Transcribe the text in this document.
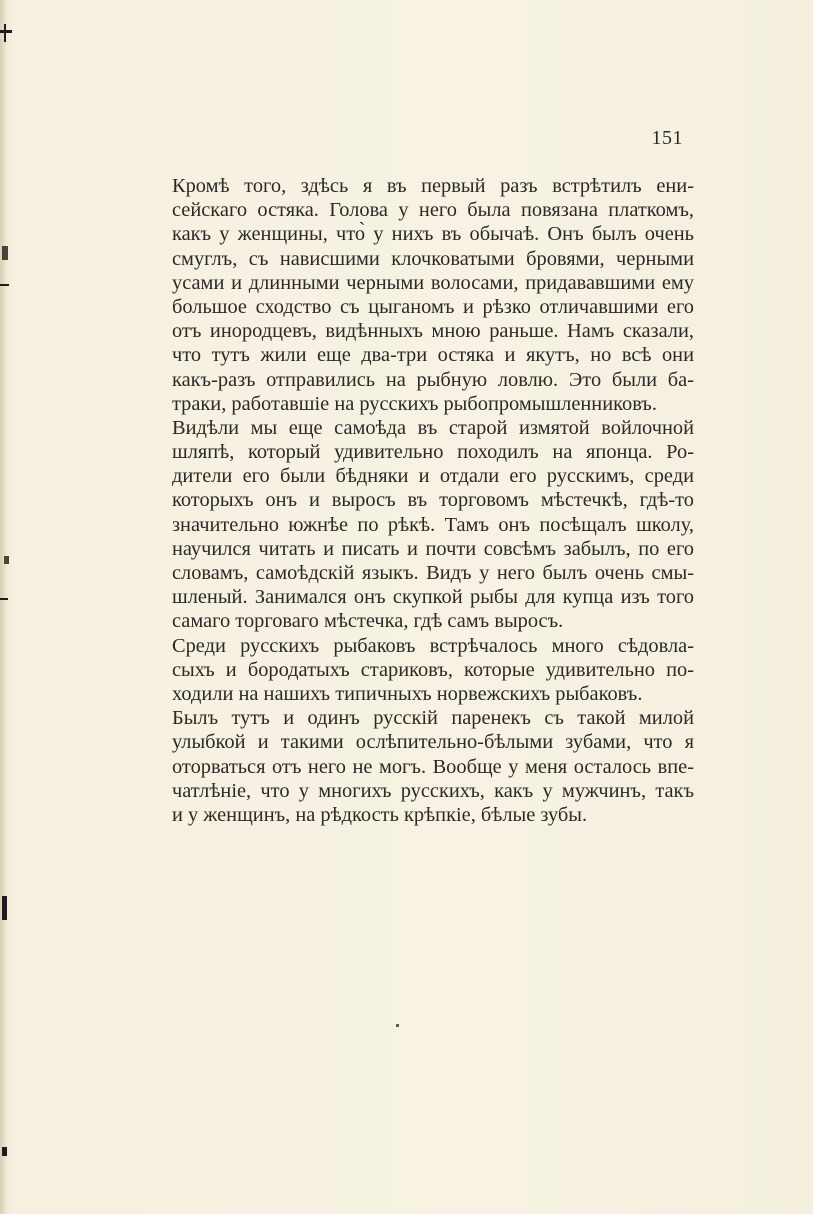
151
Кромѣ того, здѣсь я въ первый разъ встрѣтилъ ени-
сейскаго остяка. Голова у него была повязана платкомъ,
какъ у женщины, что̀ у нихъ въ обычаѣ. Онъ былъ очень
смуглъ, съ нависшими клочковатыми бровями, черными
усами и длинными черными волосами, придававшими ему
большое сходство съ цыганомъ и рѣзко отличавшими его
отъ инородцевъ, видѣнныхъ мною раньше. Намъ сказали,
что тутъ жили еще два-три остяка и якутъ, но всѣ они
какъ-разъ отправились на рыбную ловлю. Это были ба-
траки, работавшіе на русскихъ рыбопромышленниковъ.
Видѣли мы еще самоѣда въ старой измятой войлочной
шляпѣ, который удивительно походилъ на японца. Ро-
дители его были бѣдняки и отдали его русскимъ, среди
которыхъ онъ и выросъ въ торговомъ мѣстечкѣ, гдѣ-то
значительно южнѣе по рѣкѣ. Тамъ онъ посѣщалъ школу,
научился читать и писать и почти совсѣмъ забылъ, по его
словамъ, самоѣдскій языкъ. Видъ у него былъ очень смы-
шленый. Занимался онъ скупкой рыбы для купца изъ того
самаго торговаго мѣстечка, гдѣ самъ выросъ.
Среди русскихъ рыбаковъ встрѣчалось много сѣдовла-
сыхъ и бородатыхъ стариковъ, которые удивительно по-
ходили на нашихъ типичныхъ норвежскихъ рыбаковъ.
Былъ тутъ и одинъ русскій паренекъ съ такой милой
улыбкой и такими ослѣпительно-бѣлыми зубами, что я
оторваться отъ него не могъ. Вообще у меня осталось впе-
чатлѣніе, что у многихъ русскихъ, какъ у мужчинъ, такъ
и у женщинъ, на рѣдкость крѣпкіе, бѣлые зубы.
